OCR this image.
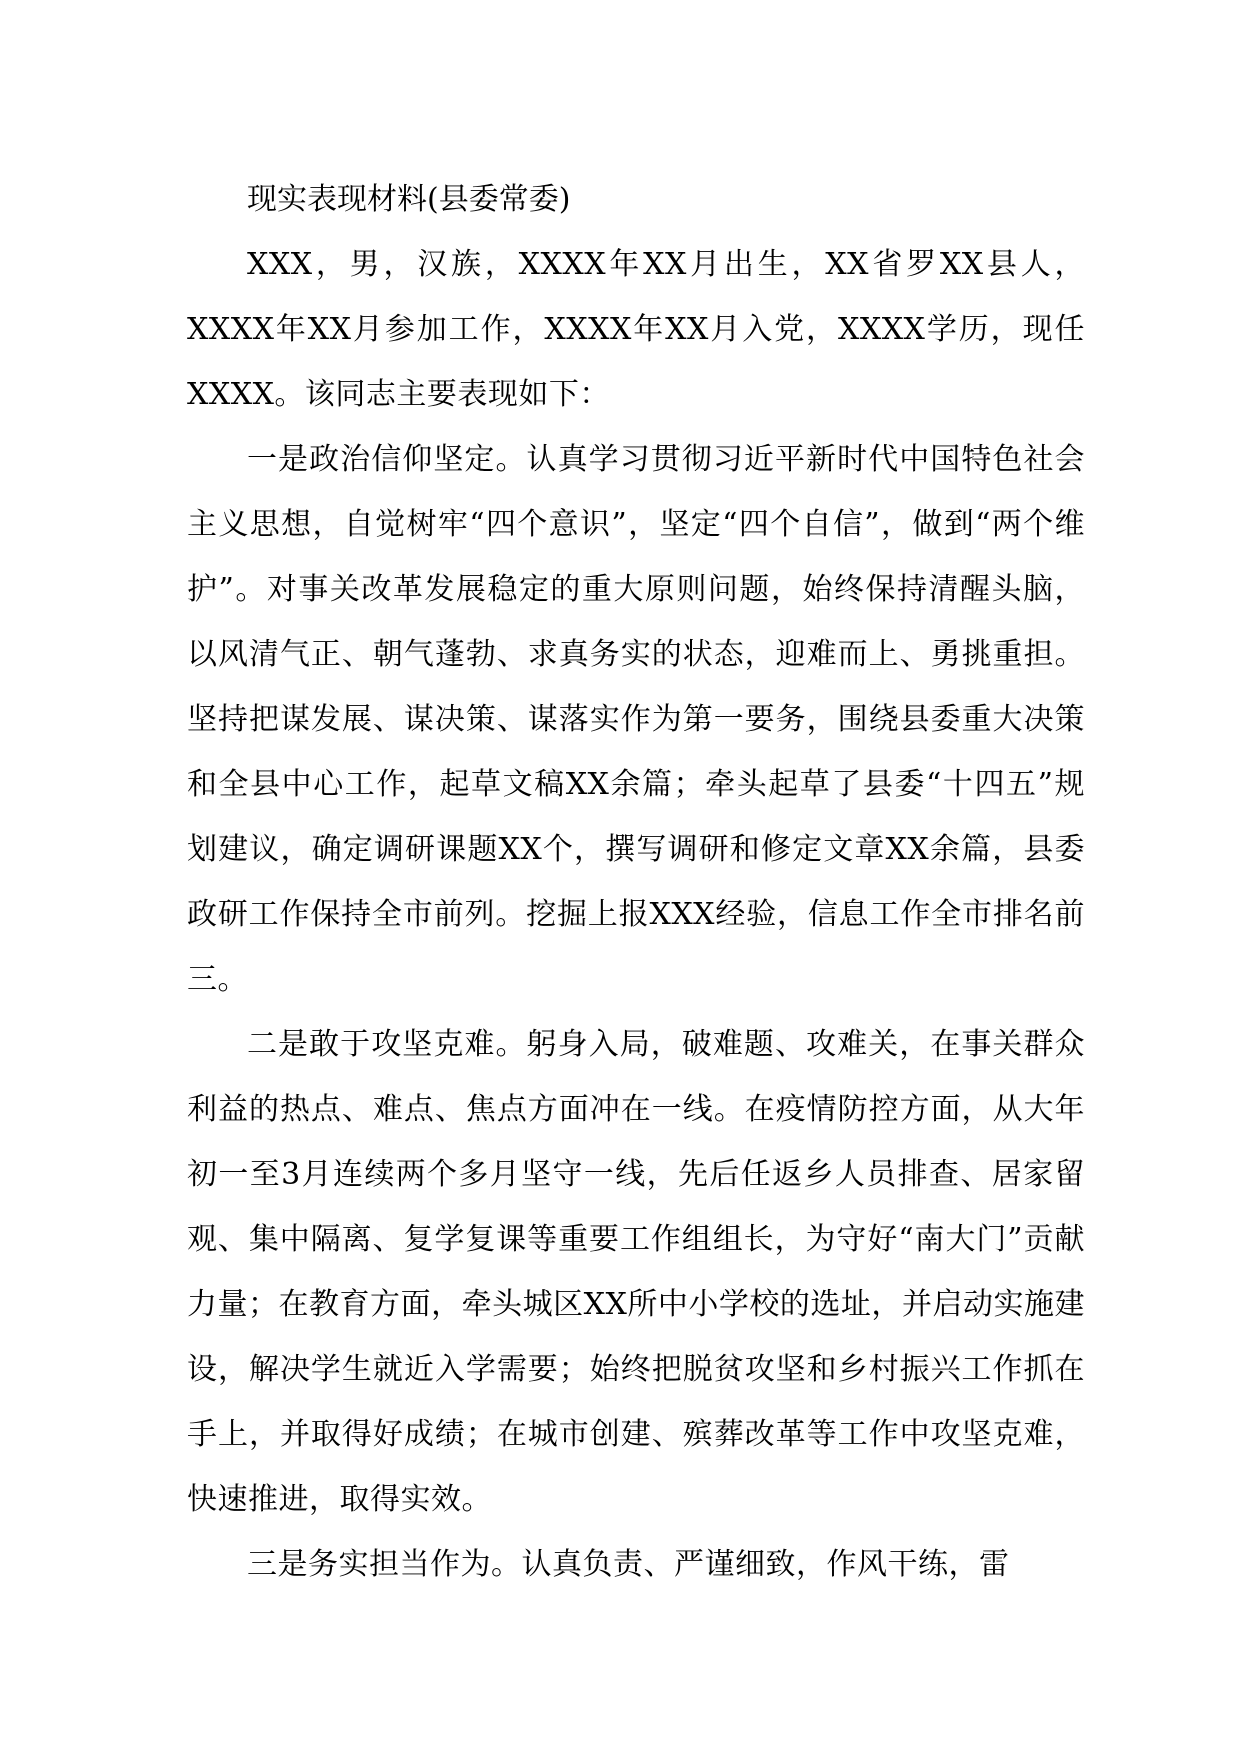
现实表现材料(县委常委)

XXX，男，汉族，XXXX年XX月出生，XX省罗XX县人，XXXX年XX月参加工作，XXXX年XX月入党，XXXX学历，现任XXXX。该同志主要表现如下：

一是政治信仰坚定。认真学习贯彻习近平新时代中国特色社会主义思想，自觉树牢“四个意识”，坚定“四个自信”，做到“两个维护”。对事关改革发展稳定的重大原则问题，始终保持清醒头脑，以风清气正、朝气蓬勃、求真务实的状态，迎难而上、勇挑重担。坚持把谋发展、谋决策、谋落实作为第一要务，围绕县委重大决策和全县中心工作，起草文稿XX余篇；牵头起草了县委“十四五”规划建议，确定调研课题XX个，撰写调研和修定文章XX余篇，县委政研工作保持全市前列。挖掘上报XXX经验，信息工作全市排名前三。

二是敢于攻坚克难。躬身入局，破难题、攻难关，在事关群众利益的热点、难点、焦点方面冲在一线。在疫情防控方面，从大年初一至3月连续两个多月坚守一线，先后任返乡人员排查、居家留观、集中隔离、复学复课等重要工作组组长，为守好“南大门”贡献力量；在教育方面，牵头城区XX所中小学校的选址，并启动实施建设，解决学生就近入学需要；始终把脱贫攻坚和乡村振兴工作抓在手上，并取得好成绩；在城市创建、殡葬改革等工作中攻坚克难，快速推进，取得实效。

三是务实担当作为。认真负责、严谨细致，作风干练，雷
